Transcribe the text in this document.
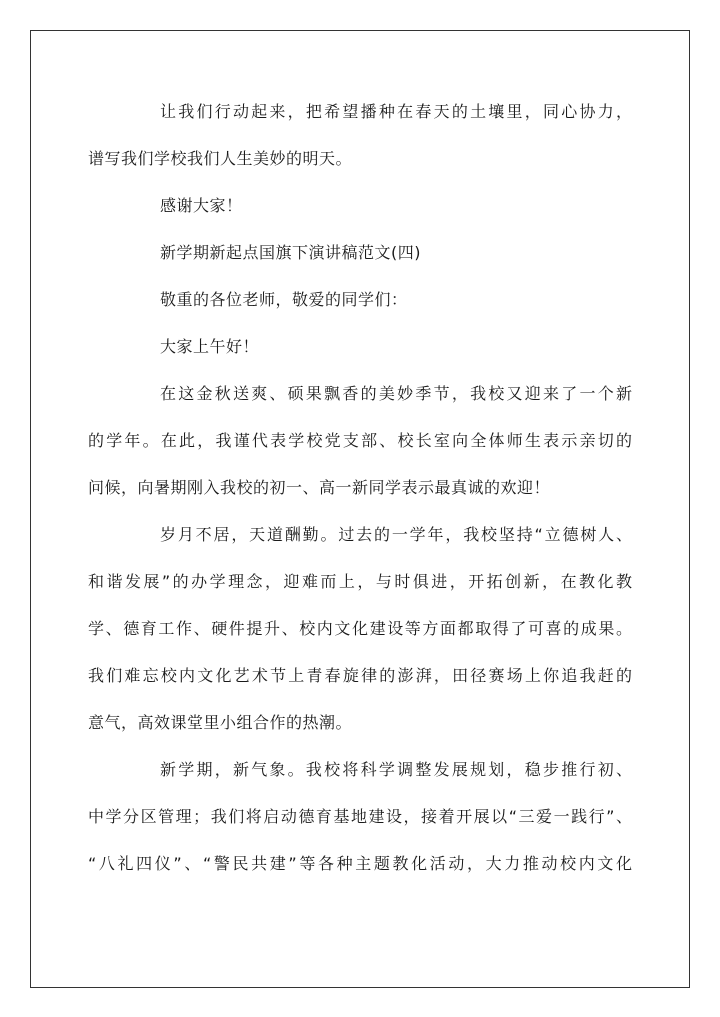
让我们行动起来，把希望播种在春天的土壤里，同心协力，
谱写我们学校我们人生美妙的明天。
感谢大家！
新学期新起点国旗下演讲稿范文(四)
敬重的各位老师，敬爱的同学们：
大家上午好！
在这金秋送爽、硕果飘香的美妙季节，我校又迎来了一个新
的学年。在此，我谨代表学校党支部、校长室向全体师生表示亲切的
问候，向暑期刚入我校的初一、高一新同学表示最真诚的欢迎！
岁月不居，天道酬勤。过去的一学年，我校坚持“立德树人、
和谐发展”的办学理念，迎难而上，与时俱进，开拓创新，在教化教
学、德育工作、硬件提升、校内文化建设等方面都取得了可喜的成果。
我们难忘校内文化艺术节上青春旋律的澎湃，田径赛场上你追我赶的
意气，高效课堂里小组合作的热潮。
新学期，新气象。我校将科学调整发展规划，稳步推行初、
中学分区管理；我们将启动德育基地建设，接着开展以“三爱一践行”、
“八礼四仪”、“警民共建”等各种主题教化活动，大力推动校内文化
